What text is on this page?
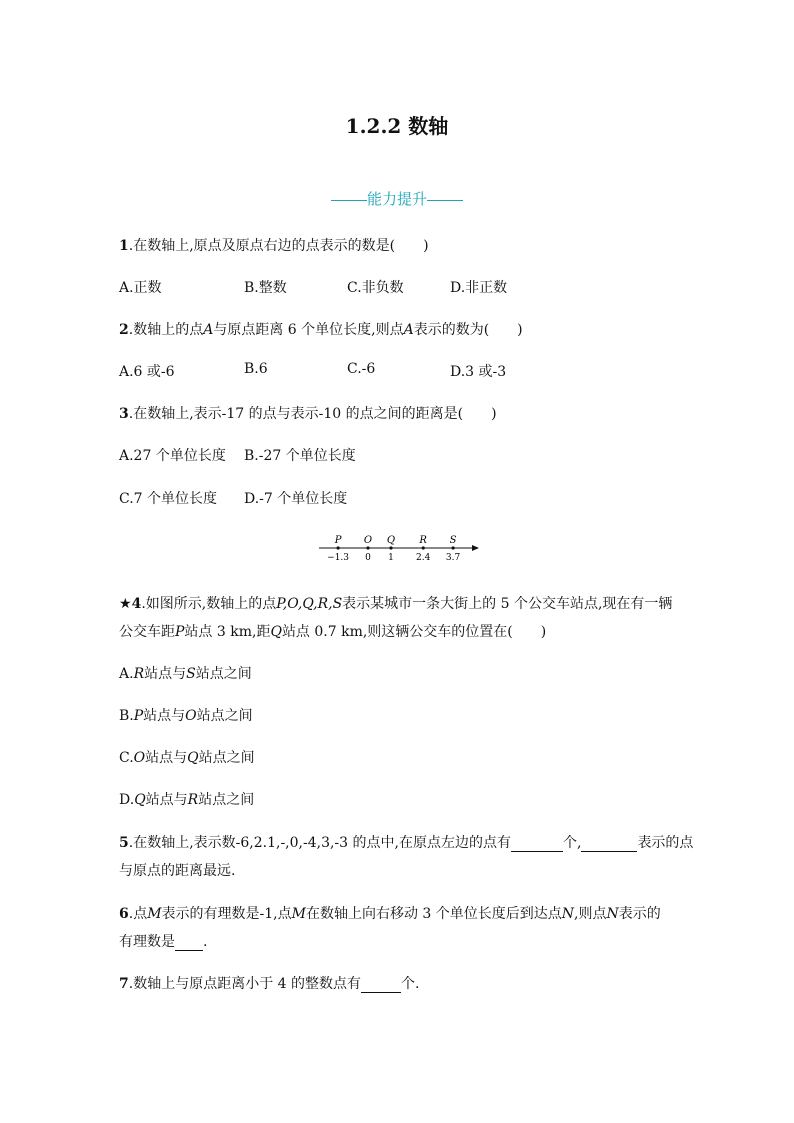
1.2.2 数轴
能力提升
1.在数轴上,原点及原点右边的点表示的数是(　　)
A.正数	B.整数	C.非负数	D.非正数
2.数轴上的点A与原点距离 6 个单位长度,则点A表示的数为(　　)
A.6 或-6	B.6	C.-6	D.3 或-3
3.在数轴上,表示-17 的点与表示-10 的点之间的距离是(　　)
A.27 个单位长度 B.-27 个单位长度
C.7 个单位长度 D.-7 个单位长度
P
−1.3
O
0
Q
1
R
2.4
S
3.7
★4.如图所示,数轴上的点P,O,Q,R,S表示某城市一条大街上的 5 个公交车站点,现在有一辆
公交车距P站点 3 km,距Q站点 0.7 km,则这辆公交车的位置在(　　)
A.R站点与S站点之间
B.P站点与O站点之间
C.O站点与Q站点之间
D.Q站点与R站点之间
5.在数轴上,表示数-6,2.1,-,0,-4,3,-3 的点中,在原点左边的点有	个,	表示的点
与原点的距离最远.
6.点M表示的有理数是-1,点M在数轴上向右移动 3 个单位长度后到达点N,则点N表示的
有理数是 .
7.数轴上与原点距离小于 4 的整数点有	个.
